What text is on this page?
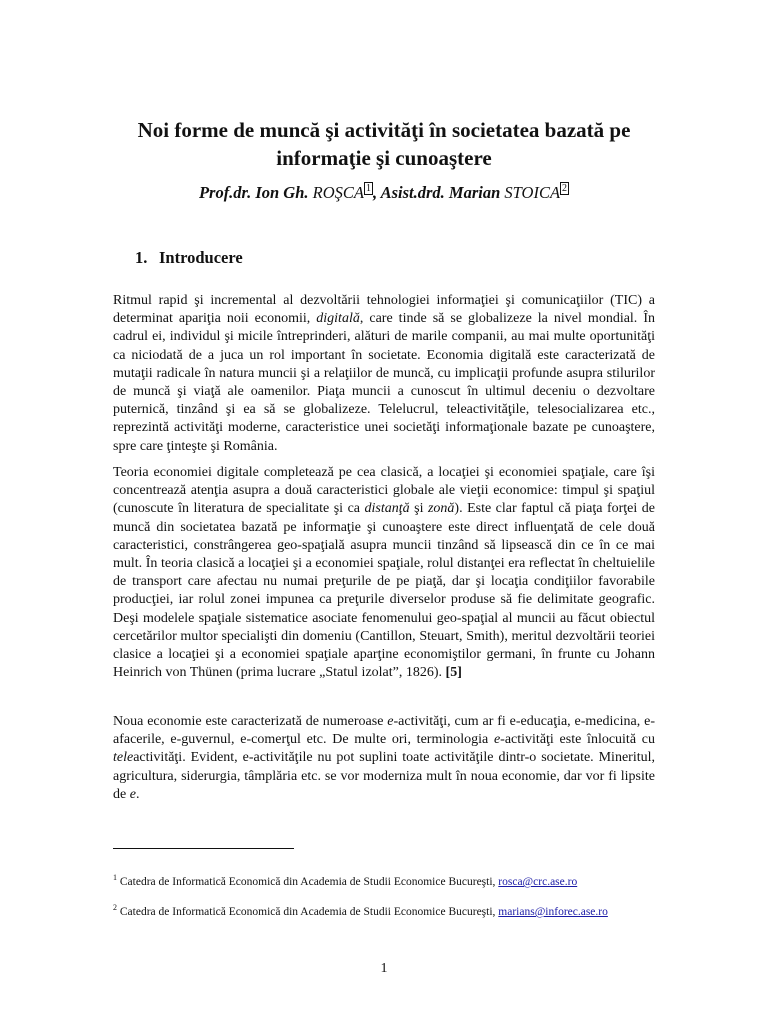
Noi forme de muncă şi activităţi în societatea bazată pe informaţie şi cunoaştere
Prof.dr. Ion Gh. ROŞCA $^1$ , Asist.drd. Marian STOICA $^2$
1. Introducere

Ritmul rapid şi incremental al dezvoltării tehnologiei informaţiei şi comunicaţiilor (TIC) a determinat apariţia noii economii, digitală, care tinde să se globalizeze la nivel mondial. În cadrul ei, individul şi micile întreprinderi, alături de marile companii, au mai multe oportunităţi ca niciodată de a juca un rol important în societate. Economia digitală este caracterizată de mutaţii radicale în natura muncii şi a relaţiilor de muncă, cu implicaţii profunde asupra stilurilor de muncă şi viaţă ale oamenilor. Piaţa muncii a cunoscut în ultimul deceniu o dezvoltare puternică, tinzând şi ea să se globalizeze. Telelucrul, teleactivităţile, telesocializarea etc., reprezintă activităţi moderne, caracteristice unei societăţi informaţionale bazate pe cunoaştere, spre care ţinteşte şi România.

Teoria economiei digitale completează pe cea clasică, a locaţiei şi economiei spaţiale, care îşi concentrează atenţia asupra a două caracteristici globale ale vieţii economice: timpul şi spaţiul (cunoscute în literatura de specialitate şi ca distanţă şi zonă). Este clar faptul că piaţa forţei de muncă din societatea bazată pe informaţie şi cunoaştere este direct influenţată de cele două caracteristici, constrângerea geo-spaţială asupra muncii tinzând să lipsească din ce în ce mai mult. În teoria clasică a locaţiei şi a economiei spaţiale, rolul distanţei era reflectat în cheltuielile de transport care afectau nu numai preţurile de pe piaţă, dar şi locaţia condiţiilor favorabile producţiei, iar rolul zonei impunea ca preţurile diverselor produse să fie delimitate geografic. Deşi modelele spaţiale sistematice asociate fenomenului geo-spaţial al muncii au făcut obiectul cercetărilor multor specialişti din domeniu (Cantillon, Steuart, Smith), meritul dezvoltării teoriei clasice a locaţiei şi a economiei spaţiale aparţine economiştilor germani, în frunte cu Johann Heinrich von Thünen (prima lucrare „Statul izolat”, 1826). [5]

Noua economie este caracterizată de numeroase e-activităţi, cum ar fi e-educaţia, e-medicina, e-afacerile, e-guvernul, e-comerţul etc. De multe ori, terminologia e-activităţi este înlocuită cu teleactivităţi. Evident, e-activităţile nu pot suplini toate activităţile dintr-o societate. Mineritul, agricultura, siderurgia, tâmplăria etc. se vor moderniza mult în noua economie, dar vor fi lipsite de e.

$^1$ Catedra de Informatică Economică din Academia de Studii Economice Bucureşti, rosca@crc.ase.ro
$^2$ Catedra de Informatică Economică din Academia de Studii Economice Bucureşti, marians@inforec.ase.ro
1
